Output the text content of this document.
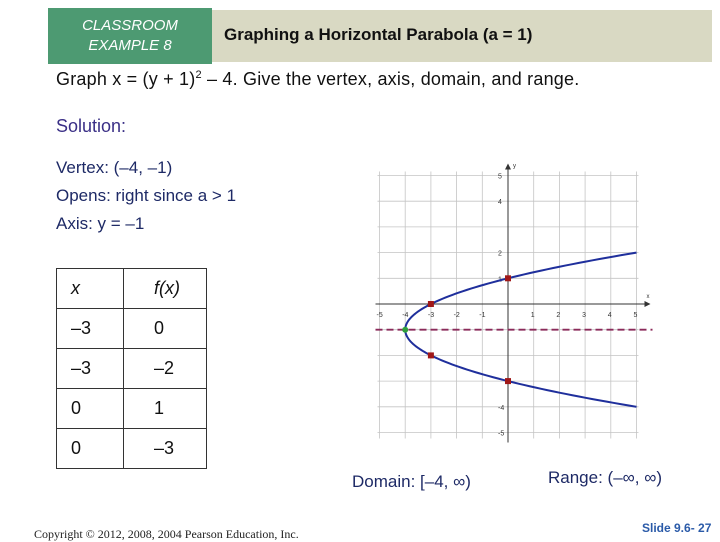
CLASSROOM
EXAMPLE 8
Graphing a Horizontal Parabola (a = 1)
Graph $x = (y + 1)^2 - 4$. Give the vertex, axis, domain, and range.
Solution:
Vertex: (–4, –1)
Opens: right since a > 1
Axis: y = –1
x	f(x)
–3	0
–3	–2
0	1
0	–3
x
y
-5	-4	-3	-2	-1	1	2	3	4	5
5
4
2
1
-4
-5
Domain: [–4, ∞)	Range: (–∞, ∞)
Copyright © 2012, 2008, 2004 Pearson Education, Inc.	Slide 9.6- 27
